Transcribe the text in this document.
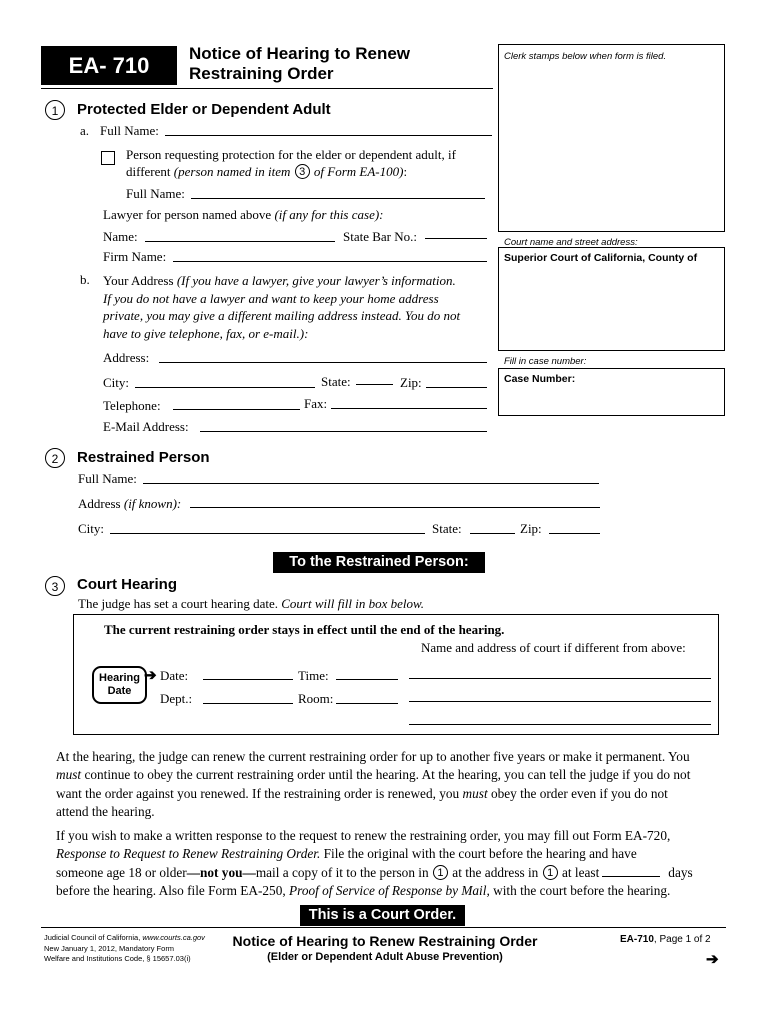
EA- 710	Notice of Hearing to Renew
Restraining Order
Clerk stamps below when form is filed.
Court name and street address:
Superior Court of California, County of
Fill in case number:
Case Number:
1	Protected Elder or Dependent Adult
a. Full Name:
Person requesting protection for the elder or dependent adult, if
different (person named in item 3 of Form EA-100):
Full Name:
Lawyer for person named above (if any for this case):
Name:	State Bar No.:
Firm Name:
b. Your Address (If you have a lawyer, give your lawyer’s information.
If you do not have a lawyer and want to keep your home address
private, you may give a different mailing address instead. You do not
have to give telephone, fax, or e-mail.):
Address:
City:	State:	Zip:
Telephone:	Fax:
E-Mail Address:
2	Restrained Person
Full Name:
Address (if known):
City:	State:	Zip:
To the Restrained Person:
3	Court Hearing
The judge has set a court hearing date. Court will fill in box below.
The current restraining order stays in effect until the end of the hearing.
Name and address of court if different from above:
Hearing
Date
➔ Date:	Time:
Dept.:	Room:
At the hearing, the judge can renew the current restraining order for up to another five years or make it permanent. You
must continue to obey the current restraining order until the hearing. At the hearing, you can tell the judge if you do not
want the order against you renewed. If the restraining order is renewed, you must obey the order even if you do not
attend the hearing.
If you wish to make a written response to the request to renew the restraining order, you may fill out Form EA-720,
Response to Request to Renew Restraining Order. File the original with the court before the hearing and have
someone age 18 or older—not you—mail a copy of it to the person in 1 at the address in 1 at least	days
before the hearing. Also file Form EA-250, Proof of Service of Response by Mail, with the court before the hearing.
This is a Court Order.
Judicial Council of California, www.courts.ca.gov
New January 1, 2012, Mandatory Form
Welfare and Institutions Code, § 15657.03(i)
Notice of Hearing to Renew Restraining Order
(Elder or Dependent Adult Abuse Prevention)
EA-710, Page 1 of 2
➔
